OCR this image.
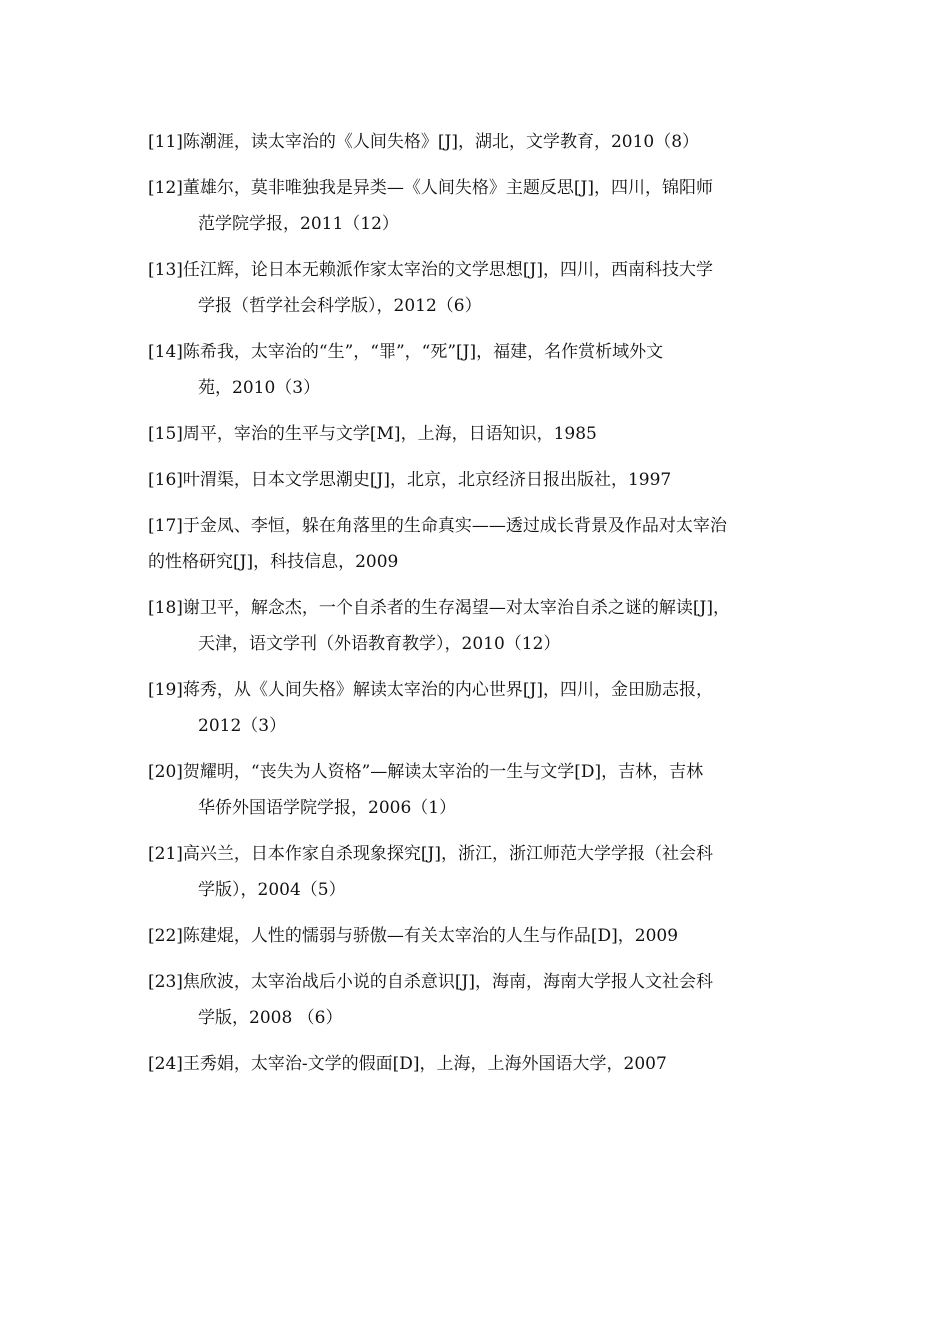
[11]陈潮涯，读太宰治的《人间失格》[J]，湖北，文学教育，2010（8）
[12]董雄尔，莫非唯独我是异类—《人间失格》主题反思[J]，四川，锦阳师
范学院学报，2011（12）
[13]任江辉，论日本无赖派作家太宰治的文学思想[J]，四川，西南科技大学
学报（哲学社会科学版），2012（6）
[14]陈希我，太宰治的“生”，“罪”，“死”[J]，福建，名作赏析域外文
苑，2010（3）
[15]周平，宰治的生平与文学[M]，上海，日语知识，1985
[16]叶渭渠，日本文学思潮史[J]，北京，北京经济日报出版社，1997
[17]于金凤、李恒，躲在角落里的生命真实——透过成长背景及作品对太宰治
的性格研究[J]，科技信息，2009
[18]谢卫平，解念杰，一个自杀者的生存渴望—对太宰治自杀之谜的解读[J]，
天津，语文学刊（外语教育教学），2010（12）
[19]蒋秀，从《人间失格》解读太宰治的内心世界[J]，四川，金田励志报，
2012（3）
[20]贺耀明，“丧失为人资格”—解读太宰治的一生与文学[D]，吉林，吉林
华侨外国语学院学报，2006（1）
[21]高兴兰，日本作家自杀现象探究[J]，浙江，浙江师范大学学报（社会科
学版），2004（5）
[22]陈建焜，人性的懦弱与骄傲—有关太宰治的人生与作品[D]，2009
[23]焦欣波，太宰治战后小说的自杀意识[J]，海南，海南大学报人文社会科
学版，2008 （6）
[24]王秀娟，太宰治-文学的假面[D]，上海，上海外国语大学，2007
